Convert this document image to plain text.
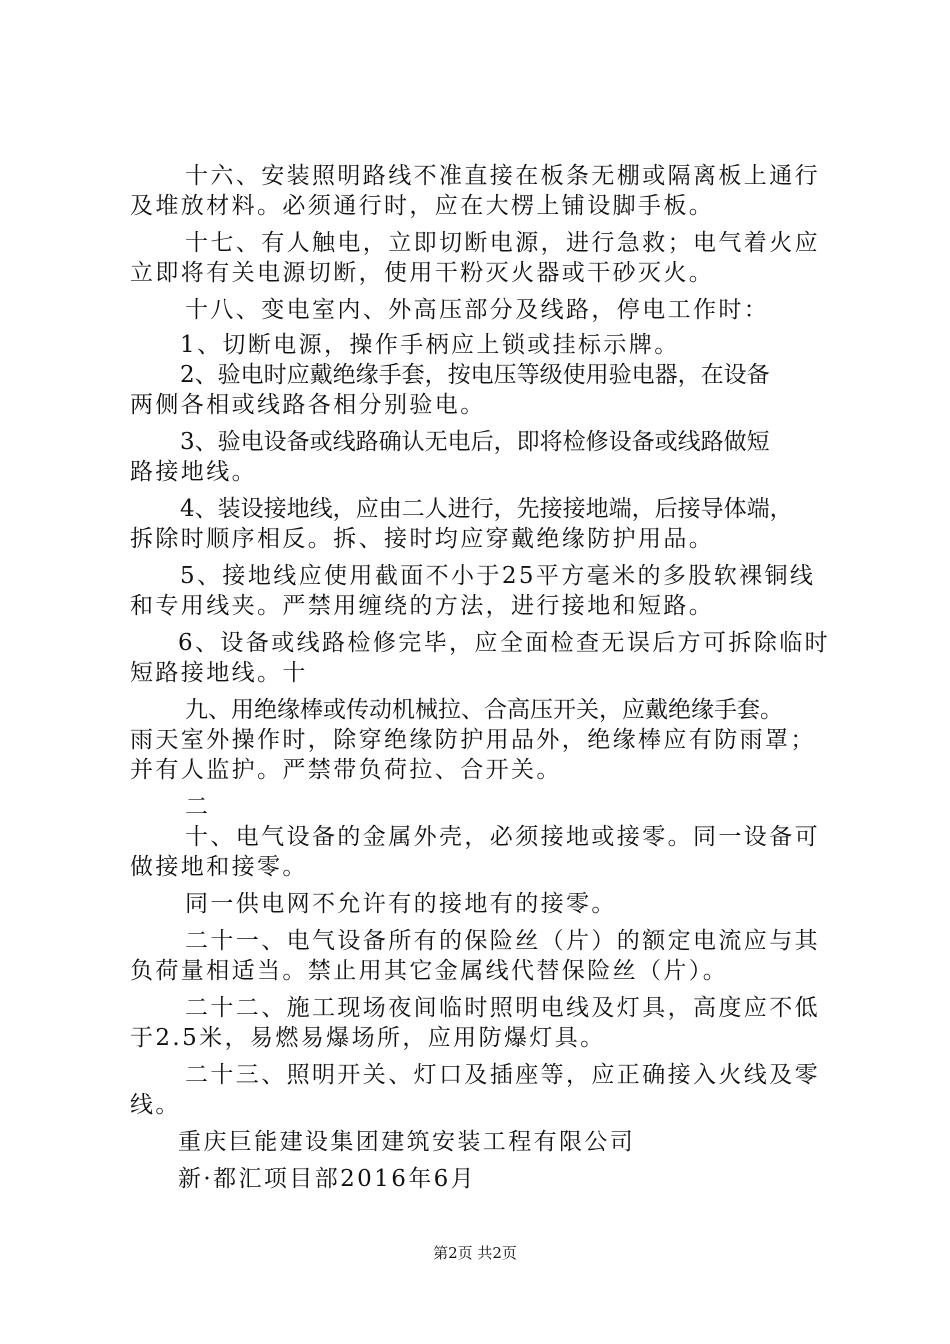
十六、安装照明路线不准直接在板条无棚或隔离板上通行
及堆放材料。必须通行时，应在大楞上铺设脚手板。
十七、有人触电，立即切断电源，进行急救；电气着火应
立即将有关电源切断，使用干粉灭火器或干砂灭火。
十八、变电室内、外高压部分及线路，停电工作时：
1、切断电源，操作手柄应上锁或挂标示牌。
2、验电时应戴绝缘手套，按电压等级使用验电器，在设备
两侧各相或线路各相分别验电。
3、验电设备或线路确认无电后，即将检修设备或线路做短
路接地线。
4、装设接地线，应由二人进行，先接接地端，后接导体端，
拆除时顺序相反。拆、接时均应穿戴绝缘防护用品。
5、接地线应使用截面不小于25平方毫米的多股软裸铜线
和专用线夹。严禁用缠绕的方法，进行接地和短路。
6、设备或线路检修完毕，应全面检查无误后方可拆除临时
短路接地线。十
九、用绝缘棒或传动机械拉、合高压开关，应戴绝缘手套。
雨天室外操作时，除穿绝缘防护用品外，绝缘棒应有防雨罩；
并有人监护。严禁带负荷拉、合开关。
二
十、电气设备的金属外壳，必须接地或接零。同一设备可
做接地和接零。
同一供电网不允许有的接地有的接零。
二十一、电气设备所有的保险丝（片）的额定电流应与其
负荷量相适当。禁止用其它金属线代替保险丝（片）。
二十二、施工现场夜间临时照明电线及灯具，高度应不低
于2.5米，易燃易爆场所，应用防爆灯具。
二十三、照明开关、灯口及插座等，应正确接入火线及零
线。
重庆巨能建设集团建筑安装工程有限公司
新·都汇项目部2016年6月
第2页 共2页
